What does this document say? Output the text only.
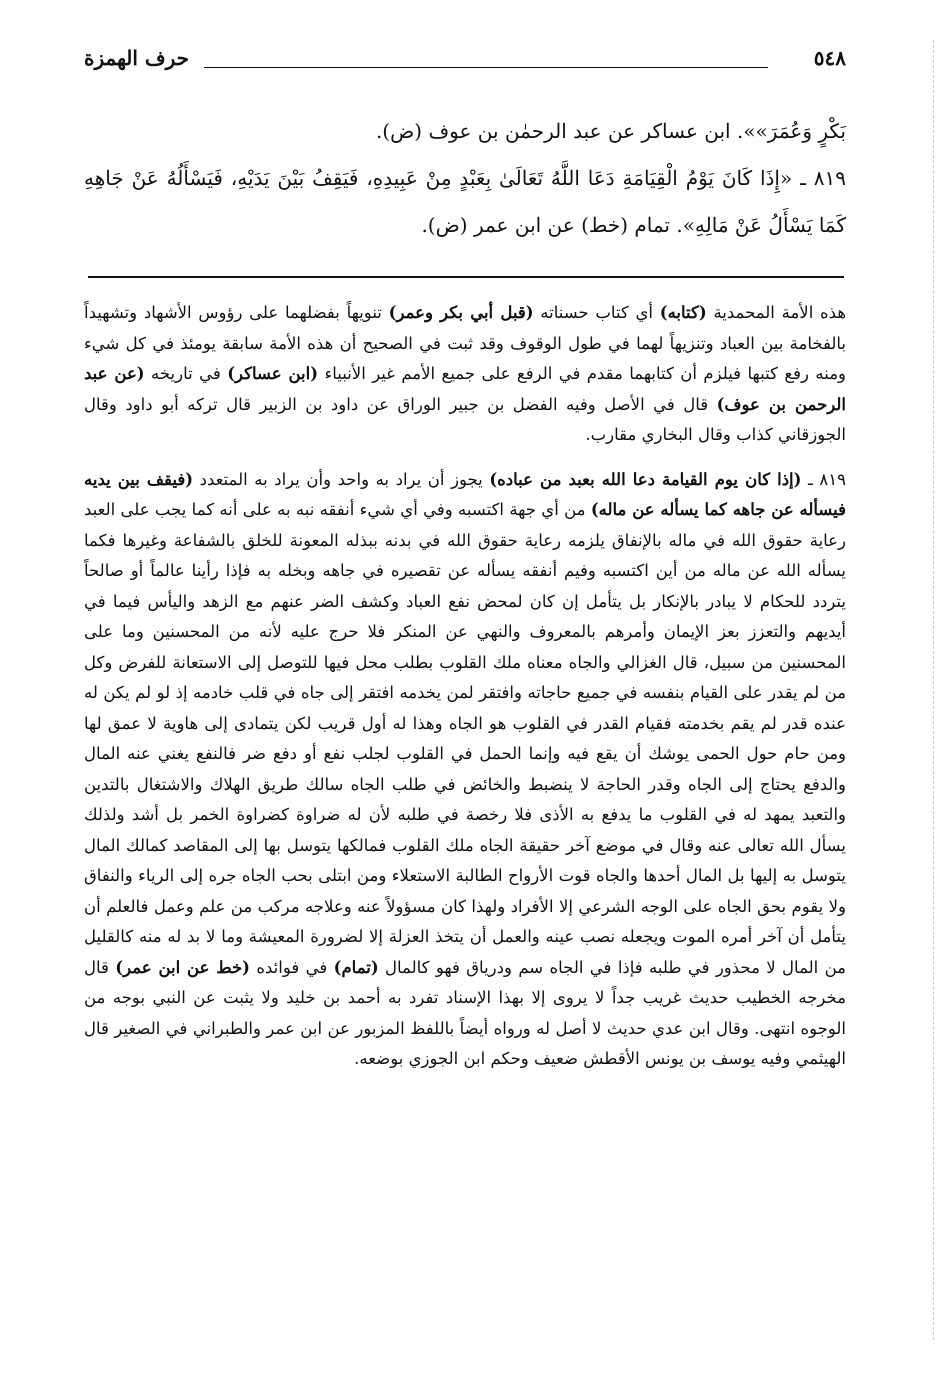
٥٤٨
حرف الهمزة

بَكْرٍ وَعُمَرَ»». ابن عساكر عن عبد الرحمٰن بن عوف (ض).

٨١٩ ـ «إِذَا كَانَ يَوْمُ الْقِيَامَةِ دَعَا اللَّهُ تَعَالَىٰ بِعَبْدٍ مِنْ عَبِيدِهِ، فَيَقِفُ بَيْنَ يَدَيْهِ، فَيَسْأَلُهُ عَنْ جَاهِهِ كَمَا يَسْأَلُ عَنْ مَالِهِ». تمام (خط) عن ابن عمر (ض).

هذه الأمة المحمدية (كتابه) أي كتاب حسناته (قبل أبي بكر وعمر) تنويهاً بفضلهما على رؤوس الأشهاد وتشهيداً بالفخامة بين العباد وتنزيهاً لهما في طول الوقوف وقد ثبت في الصحيح أن هذه الأمة سابقة يومئذ في كل شيء ومنه رفع كتبها فيلزم أن كتابهما مقدم في الرفع على جميع الأمم غير الأنبياء (ابن عساكر) في تاريخه (عن عبد الرحمن بن عوف) قال في الأصل وفيه الفضل بن جبير الوراق عن داود بن الزبير قال تركه أبو داود وقال الجوزقاني كذاب وقال البخاري مقارب.

٨١٩ ـ (إذا كان يوم القيامة دعا الله بعبد من عباده) يجوز أن يراد به واحد وأن يراد به المتعدد (فيقف بين يديه فيسأله عن جاهه كما يسأله عن ماله) من أي جهة اكتسبه وفي أي شيء أنفقه نبه به على أنه كما يجب على العبد رعاية حقوق الله في ماله بالإنفاق يلزمه رعاية حقوق الله في بدنه ببذله المعونة للخلق بالشفاعة وغيرها فكما يسأله الله عن ماله من أين اكتسبه وفيم أنفقه يسأله عن تقصيره في جاهه وبخله به فإذا رأينا عالماً أو صالحاً يتردد للحكام لا يبادر بالإنكار بل يتأمل إن كان لمحض نفع العباد وكشف الضر عنهم مع الزهد واليأس فيما في أيديهم والتعزز بعز الإيمان وأمرهم بالمعروف والنهي عن المنكر فلا حرج عليه لأنه من المحسنين وما على المحسنين من سبيل، قال الغزالي والجاه معناه ملك القلوب بطلب محل فيها للتوصل إلى الاستعانة للفرض وكل من لم يقدر على القيام بنفسه في جميع حاجاته وافتقر لمن يخدمه افتقر إلى جاه في قلب خادمه إذ لو لم يكن له عنده قدر لم يقم بخدمته فقيام القدر في القلوب هو الجاه وهذا له أول قريب لكن يتمادى إلى هاوية لا عمق لها ومن حام حول الحمى يوشك أن يقع فيه وإنما الحمل في القلوب لجلب نفع أو دفع ضر فالنفع يغني عنه المال والدفع يحتاج إلى الجاه وقدر الحاجة لا ينضبط والخائض في طلب الجاه سالك طريق الهلاك والاشتغال بالتدين والتعبد يمهد له في القلوب ما يدفع به الأذى فلا رخصة في طلبه لأن له ضراوة كضراوة الخمر بل أشد ولذلك يسأل الله تعالى عنه وقال في موضع آخر حقيقة الجاه ملك القلوب فمالكها يتوسل بها إلى المقاصد كمالك المال يتوسل به إليها بل المال أحدها والجاه قوت الأرواح الطالبة الاستعلاء ومن ابتلى بحب الجاه جره إلى الرياء والنفاق ولا يقوم بحق الجاه على الوجه الشرعي إلا الأفراد ولهذا كان مسؤولاً عنه وعلاجه مركب من علم وعمل فالعلم أن يتأمل أن آخر أمره الموت ويجعله نصب عينه والعمل أن يتخذ العزلة إلا لضرورة المعيشة وما لا بد له منه كالقليل من المال لا محذور في طلبه فإذا في الجاه سم ودرياق فهو كالمال (تمام) في فوائده (خط عن ابن عمر) قال مخرجه الخطيب حديث غريب جداً لا يروى إلا بهذا الإسناد تفرد به أحمد بن خليد ولا يثبت عن النبي بوجه من الوجوه انتهى. وقال ابن عدي حديث لا أصل له ورواه أيضاً باللفظ المزبور عن ابن عمر والطبراني في الصغير قال الهيثمي وفيه يوسف بن يونس الأقطش ضعيف وحكم ابن الجوزي بوضعه.
